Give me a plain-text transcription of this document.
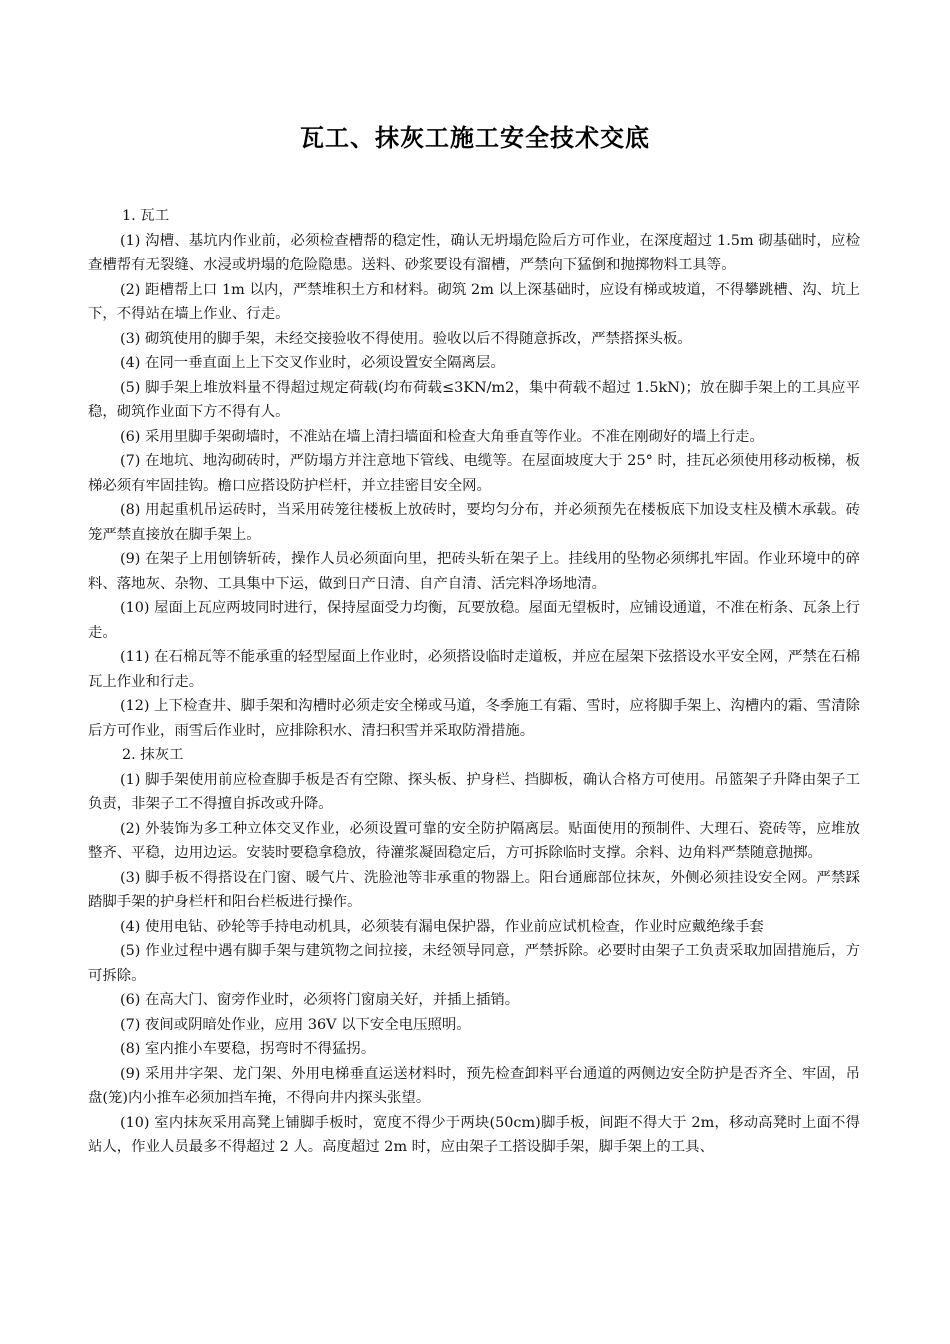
瓦工、抹灰工施工安全技术交底

1. 瓦工

(1) 沟槽、基坑内作业前，必须检查槽帮的稳定性，确认无坍塌危险后方可作业，在深度超过 1.5m 砌基础时，应检查槽帮有无裂缝、水浸或坍塌的危险隐患。送料、砂浆要设有溜槽，严禁向下猛倒和抛掷物料工具等。

(2) 距槽帮上口 1m 以内，严禁堆积土方和材料。砌筑 2m 以上深基础时，应设有梯或坡道，不得攀跳槽、沟、坑上下，不得站在墙上作业、行走。

(3) 砌筑使用的脚手架，未经交接验收不得使用。验收以后不得随意拆改，严禁搭探头板。

(4) 在同一垂直面上上下交叉作业时，必须设置安全隔离层。

(5) 脚手架上堆放料量不得超过规定荷载(均布荷载≤3KN/m2，集中荷载不超过 1.5kN)；放在脚手架上的工具应平稳，砌筑作业面下方不得有人。

(6) 采用里脚手架砌墙时，不准站在墙上清扫墙面和检查大角垂直等作业。不准在刚砌好的墙上行走。

(7) 在地坑、地沟砌砖时，严防塌方并注意地下管线、电缆等。在屋面坡度大于 25° 时，挂瓦必须使用移动板梯，板梯必须有牢固挂钩。檐口应搭设防护栏杆，并立挂密目安全网。

(8) 用起重机吊运砖时，当采用砖笼往楼板上放砖时，要均匀分布，并必须预先在楼板底下加设支柱及横木承载。砖笼严禁直接放在脚手架上。

(9) 在架子上用刨锛斩砖，操作人员必须面向里，把砖头斩在架子上。挂线用的坠物必须绑扎牢固。作业环境中的碎料、落地灰、杂物、工具集中下运，做到日产日清、自产自清、活完料净场地清。

(10) 屋面上瓦应两坡同时进行，保持屋面受力均衡，瓦要放稳。屋面无望板时，应铺设通道，不准在桁条、瓦条上行走。

(11) 在石棉瓦等不能承重的轻型屋面上作业时，必须搭设临时走道板，并应在屋架下弦搭设水平安全网，严禁在石棉瓦上作业和行走。

(12) 上下检查井、脚手架和沟槽时必须走安全梯或马道，冬季施工有霜、雪时，应将脚手架上、沟槽内的霜、雪清除后方可作业，雨雪后作业时，应排除积水、清扫积雪并采取防滑措施。

2. 抹灰工

(1) 脚手架使用前应检查脚手板是否有空隙、探头板、护身栏、挡脚板，确认合格方可使用。吊篮架子升降由架子工负责，非架子工不得擅自拆改或升降。

(2) 外装饰为多工种立体交叉作业，必须设置可靠的安全防护隔离层。贴面使用的预制件、大理石、瓷砖等，应堆放整齐、平稳，边用边运。安装时要稳拿稳放，待灌浆凝固稳定后，方可拆除临时支撑。余料、边角料严禁随意抛掷。

(3) 脚手板不得搭设在门窗、暖气片、洗脸池等非承重的物器上。阳台通廊部位抹灰，外侧必须挂设安全网。严禁踩踏脚手架的护身栏杆和阳台栏板进行操作。

(4) 使用电钻、砂轮等手持电动机具，必须装有漏电保护器，作业前应试机检查，作业时应戴绝缘手套

(5) 作业过程中遇有脚手架与建筑物之间拉接，未经领导同意，严禁拆除。必要时由架子工负责采取加固措施后，方可拆除。

(6) 在高大门、窗旁作业时，必须将门窗扇关好，并插上插销。

(7) 夜间或阴暗处作业，应用 36V 以下安全电压照明。

(8) 室内推小车要稳，拐弯时不得猛拐。

(9) 采用井字架、龙门架、外用电梯垂直运送材料时，预先检查卸料平台通道的两侧边安全防护是否齐全、牢固，吊盘(笼)内小推车必须加挡车掩，不得向井内探头张望。

(10) 室内抹灰采用高凳上铺脚手板时，宽度不得少于两块(50cm)脚手板，间距不得大于 2m，移动高凳时上面不得站人，作业人员最多不得超过 2 人。高度超过 2m 时，应由架子工搭设脚手架，脚手架上的工具、
